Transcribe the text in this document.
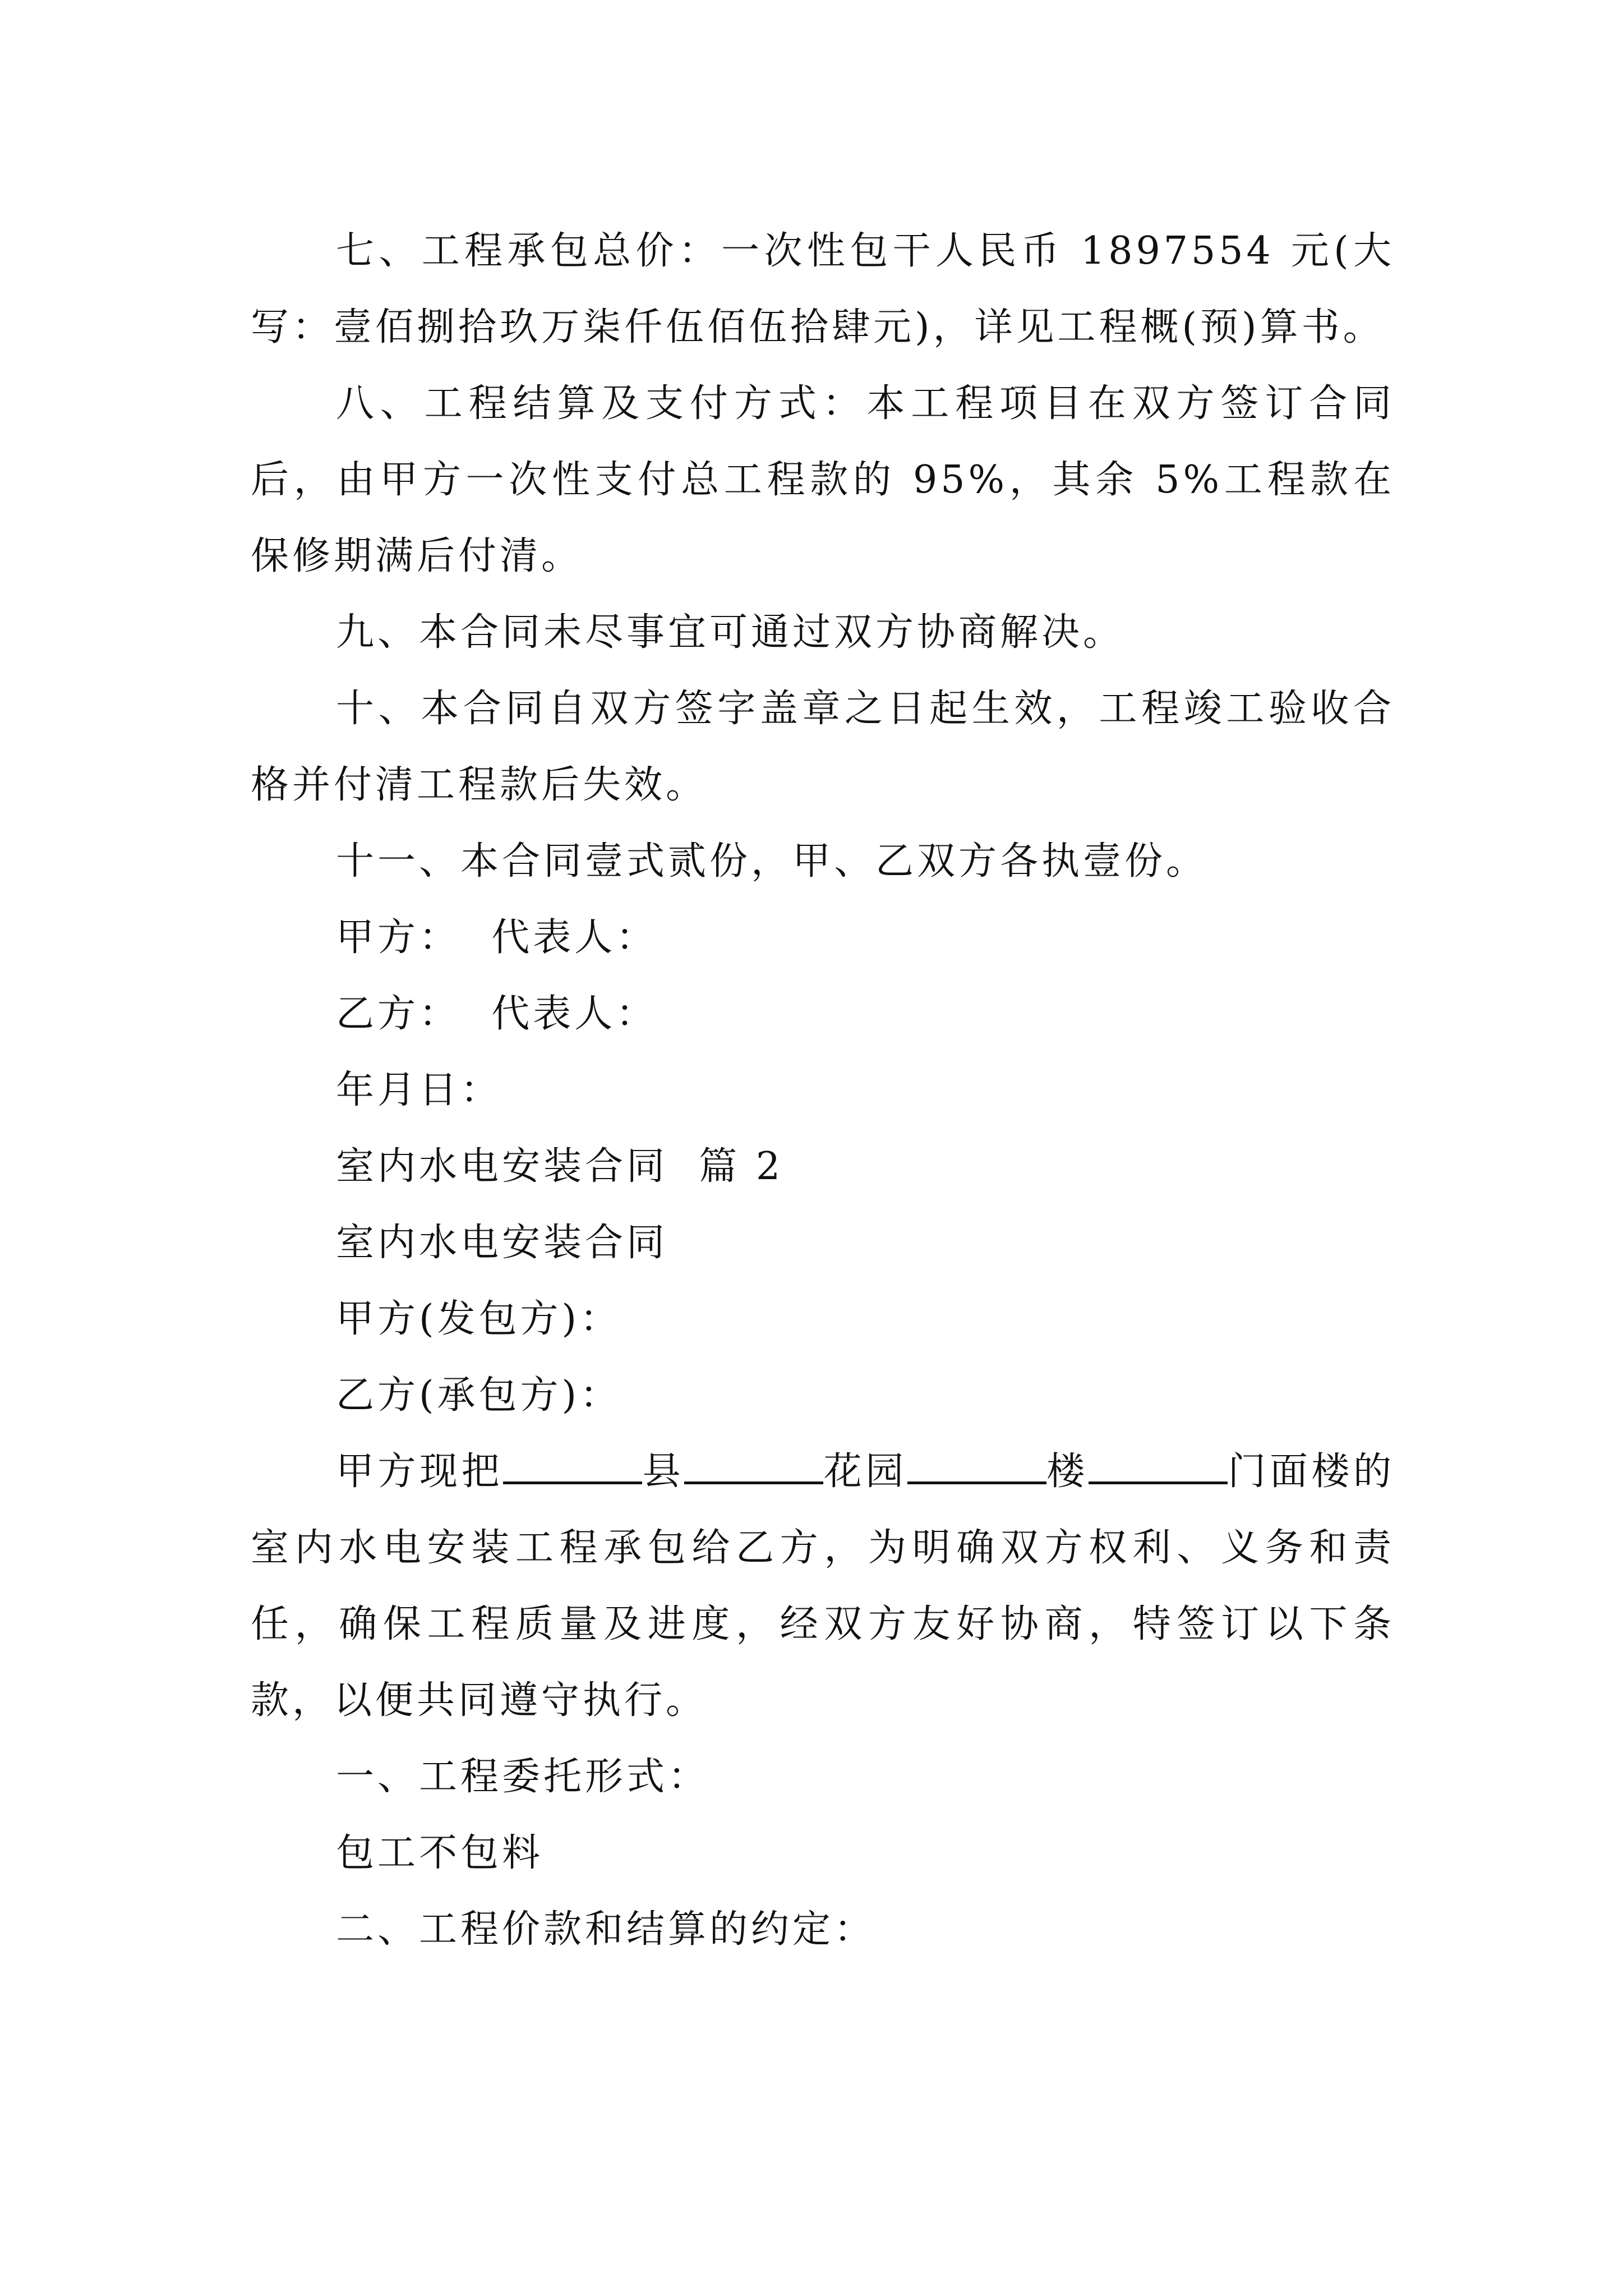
七、工程承包总价：一次性包干人民币 1897554 元(大写：壹佰捌拾玖万柒仟伍佰伍拾肆元)，详见工程概(预)算书。

八、工程结算及支付方式：本工程项目在双方签订合同后，由甲方一次性支付总工程款的 95%，其余 5%工程款在保修期满后付清。

九、本合同未尽事宜可通过双方协商解决。

十、本合同自双方签字盖章之日起生效，工程竣工验收合格并付清工程款后失效。

十一、本合同壹式贰份，甲、乙双方各执壹份。

甲方：  代表人：

乙方：  代表人：

年月日：

室内水电安装合同  篇 2

室内水电安装合同

甲方(发包方)：

乙方(承包方)：

甲方现把	县	花园	楼	门面楼的室内水电安装工程承包给乙方，为明确双方权利、义务和责任，确保工程质量及进度，经双方友好协商，特签订以下条款，以便共同遵守执行。

一、工程委托形式：

包工不包料

二、工程价款和结算的约定：
